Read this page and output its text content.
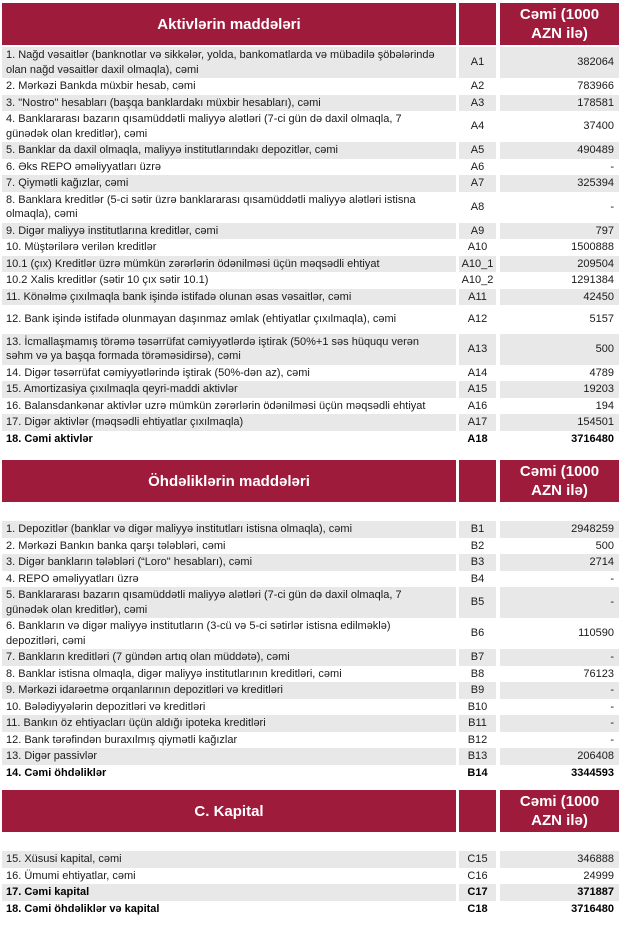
Aktivlərin maddələri		Cəmi (1000 AZN ilə)
1. Nağd vəsaitlər (banknotlar və sikkələr, yolda, bankomatlarda və mübadilə şöbələrində olan nağd vəsaitlər daxil olmaqla), cəmi	A1	382064
2. Mərkəzi Bankda müxbir hesab, cəmi	A2	783966
3. "Nostro" hesabları (başqa banklardakı müxbir hesabları), cəmi	A3	178581
4. Banklararası bazarın qısamüddətli maliyyə alətləri (7-ci gün də daxil olmaqla, 7 günədək olan kreditlər), cəmi	A4	37400
5. Banklar da daxil olmaqla, maliyyə institutlarındakı depozitlər, cəmi	A5	490489
6. Əks REPO əməliyyatları üzrə	A6	-
7. Qiymətli kağızlar, cəmi	A7	325394
8. Banklara kreditlər (5-ci sətir üzrə banklararası qısamüddətli maliyyə alətləri istisna olmaqla), cəmi	A8	-
9. Digər maliyyə institutlarına kreditlər, cəmi	A9	797
10. Müştərilərə verilən kreditlər	A10	1500888
10.1 (çıx) Kreditlər üzrə mümkün zərərlərin ödənilməsi üçün məqsədli ehtiyat	A10_1	209504
10.2 Xalis kreditlər (sətir 10 çıx sətir 10.1)	A10_2	1291384
11. Könəlmə çıxılmaqla bank işində istifadə olunan əsas vəsaitlər, cəmi	A11	42450
12. Bank işində istifadə olunmayan daşınmaz əmlak (ehtiyatlar çıxılmaqla), cəmi	A12	5157
13. İcmallaşmamış törəmə təsərrüfat cəmiyyətlərdə iştirak (50%+1 səs hüququ verən səhm və ya başqa formada törəməsidirsə), cəmi	A13	500
14. Digər təsərrüfat cəmiyyətlərində iştirak (50%-dən az), cəmi	A14	4789
15. Amortizasiya çıxılmaqla qeyri-maddi aktivlər	A15	19203
16. Balansdankənar aktivlər uzrə mümkün zərərlərin ödənilməsi üçün məqsədli ehtiyat	A16	194
17. Digər aktivlər (məqsədli ehtiyatlar çıxılmaqla)	A17	154501
18. Cəmi aktivlər	A18	3716480
Öhdəliklərin maddələri		Cəmi (1000 AZN ilə)

1. Depozitlər (banklar və digər maliyyə institutları istisna olmaqla), cəmi	B1	2948259
2. Mərkəzi Bankın banka qarşı tələbləri, cəmi	B2	500
3. Digər bankların tələbləri (“Loro" hesabları), cəmi	B3	2714
4. REPO əməliyyatları üzrə	B4	-
5. Banklararası bazarın qısamüddətli maliyyə alətləri (7-ci gün də daxil olmaqla, 7 günədək olan kreditlər), cəmi	B5	-
6. Bankların və digər maliyyə institutların (3-cü və 5-ci sətirlər istisna edilməklə) depozitləri, cəmi	B6	110590
7. Bankların kreditləri (7 gündən artıq olan müddətə), cəmi	B7	-
8. Banklar istisna olmaqla, digər maliyyə institutlarının kreditləri, cəmi	B8	76123
9. Mərkəzi idarəetmə orqanlarının depozitləri və kreditləri	B9	-
10. Bələdiyyələrin depozitləri və kreditləri	B10	-
11. Bankın öz ehtiyacları üçün aldığı ipoteka kreditləri	B11	-
12. Bank tərəfindən buraxılmış qiymətli kağızlar	B12	-
13. Digər passivlər	B13	206408
14. Cəmi öhdəliklər	B14	3344593
C. Kapital		Cəmi (1000 AZN ilə)

15. Xüsusi kapital, cəmi	C15	346888
16. Ümumi ehtiyatlar, cəmi	C16	24999
17. Cəmi kapital	C17	371887
18. Cəmi öhdəliklər və kapital	C18	3716480
